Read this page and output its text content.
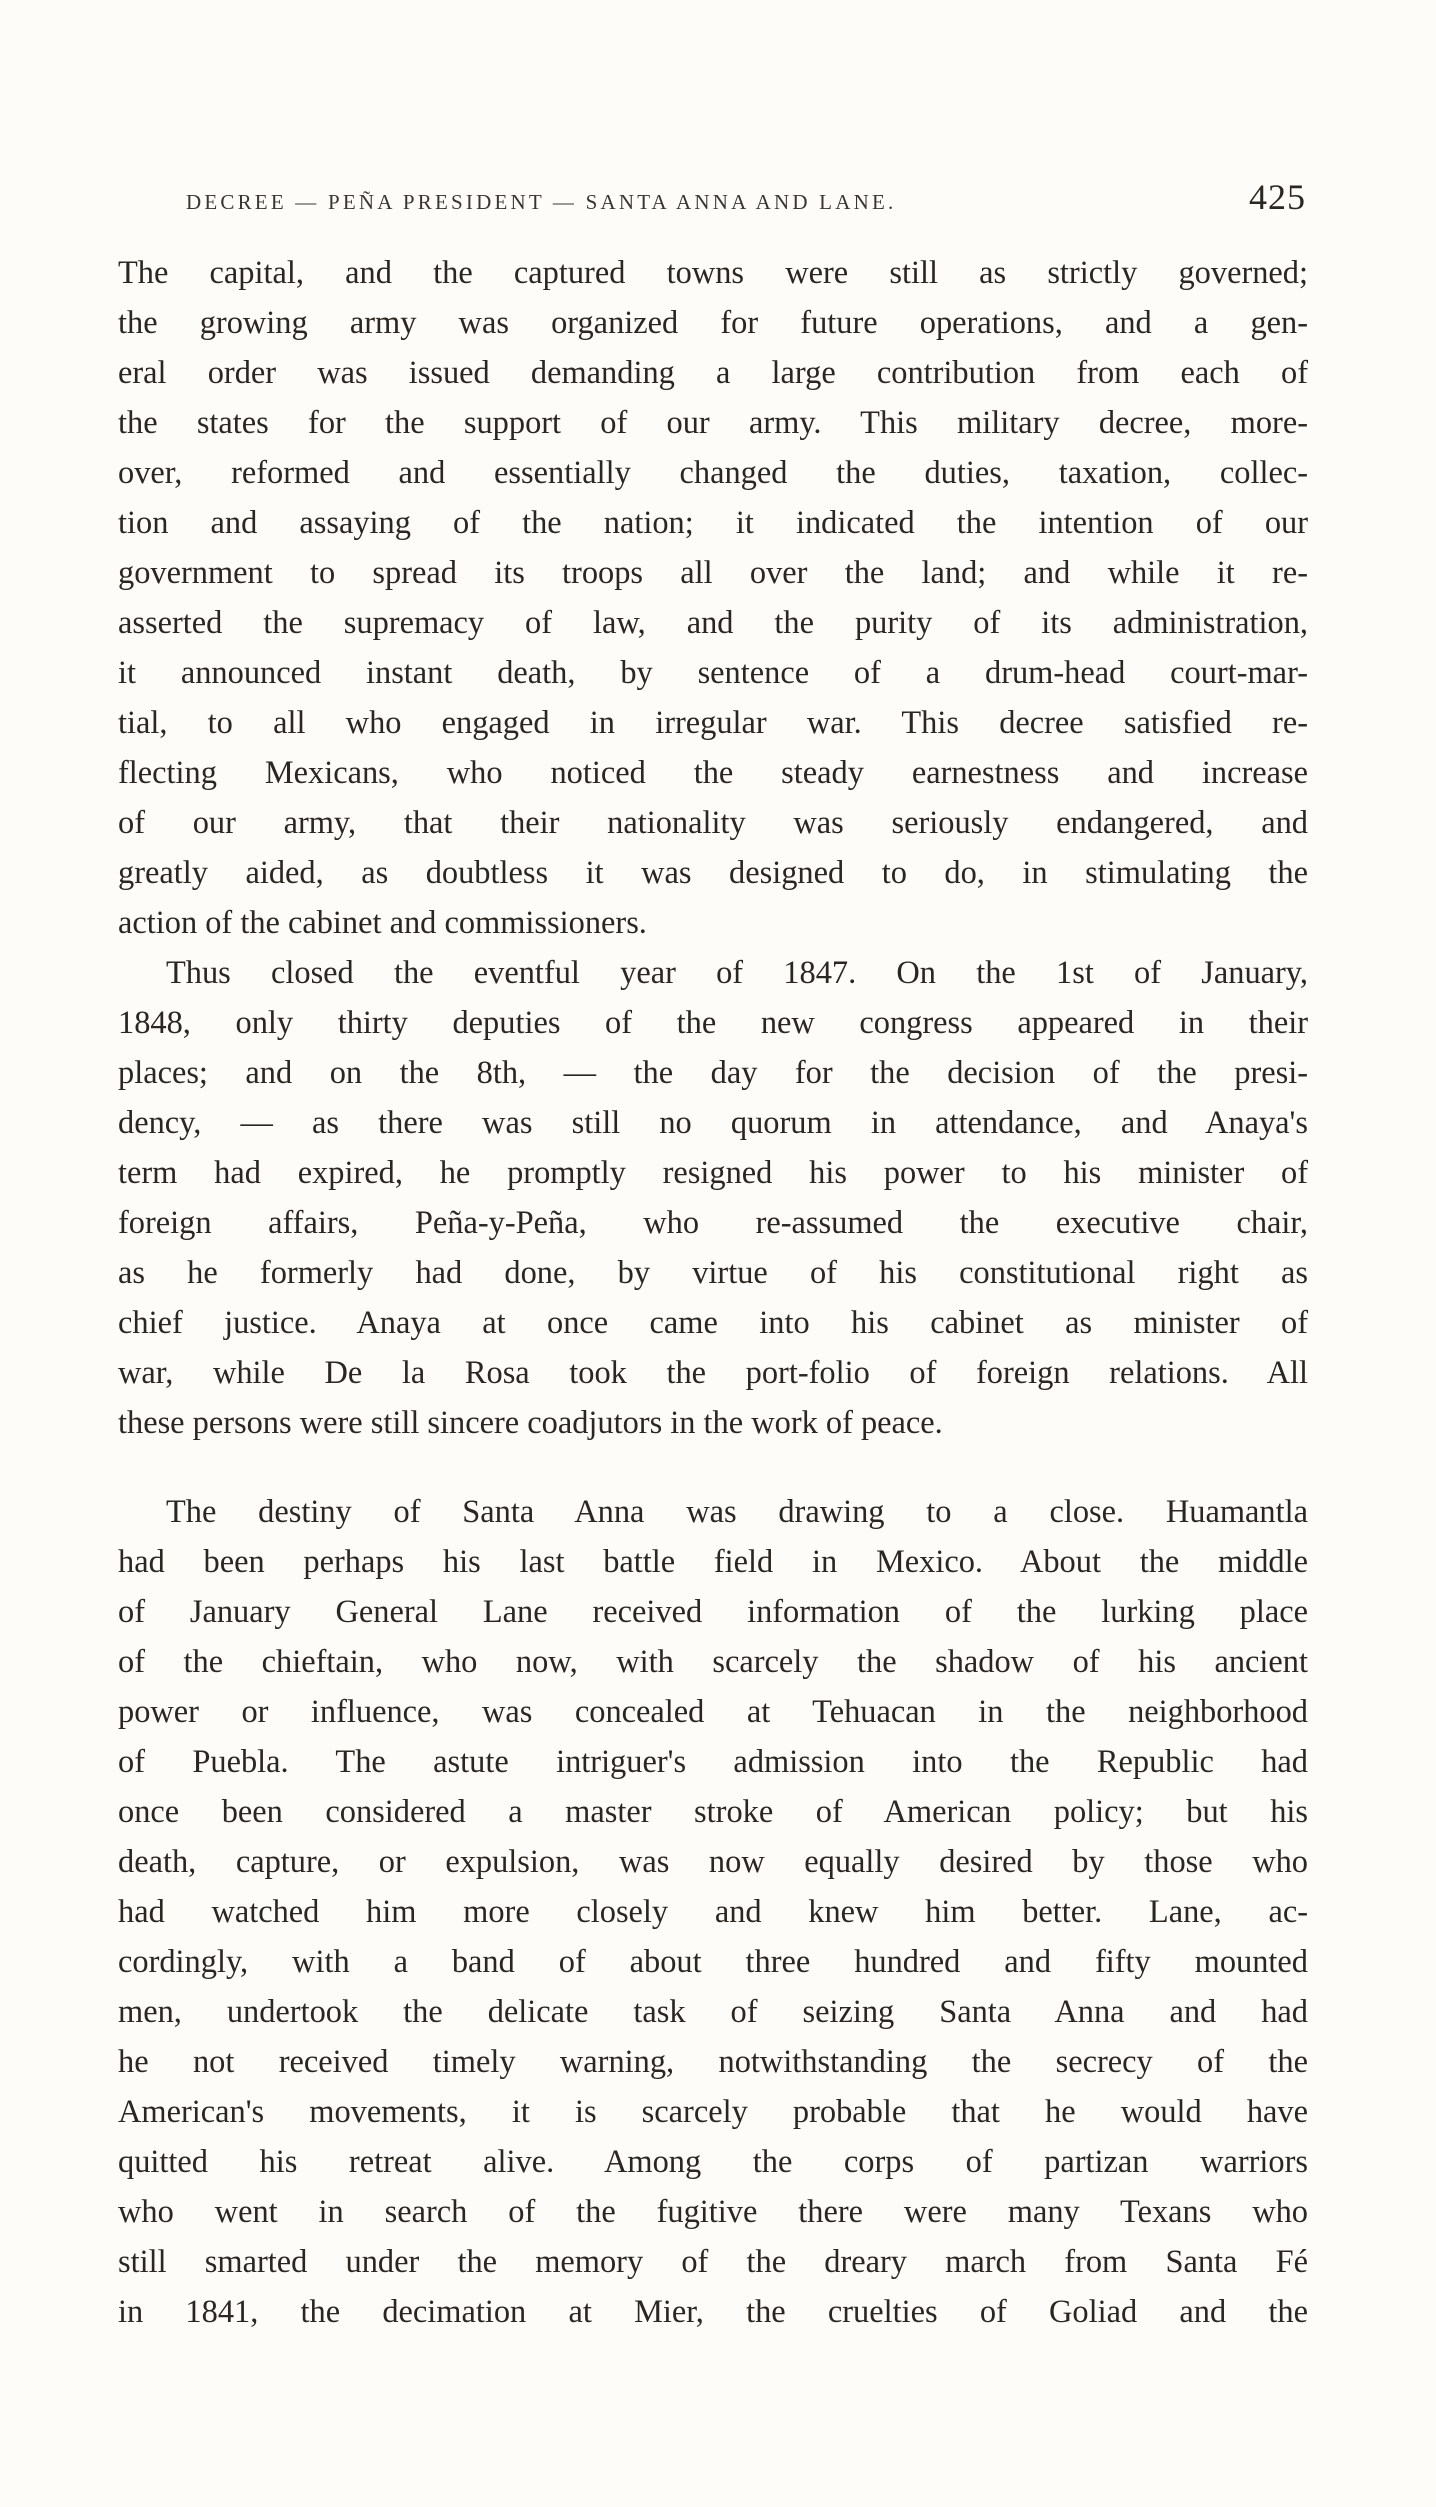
DECREE — PEÑA PRESIDENT — SANTA ANNA AND LANE.	425
The capital, and the captured towns were still as strictly governed;
the growing army was organized for future operations, and a gen-
eral order was issued demanding a large contribution from each of
the states for the support of our army. This military decree, more-
over, reformed and essentially changed the duties, taxation, collec-
tion and assaying of the nation; it indicated the intention of our
government to spread its troops all over the land; and while it re-
asserted the supremacy of law, and the purity of its administration,
it announced instant death, by sentence of a drum-head court-mar-
tial, to all who engaged in irregular war. This decree satisfied re-
flecting Mexicans, who noticed the steady earnestness and increase
of our army, that their nationality was seriously endangered, and
greatly aided, as doubtless it was designed to do, in stimulating the
action of the cabinet and commissioners.
Thus closed the eventful year of 1847. On the 1st of January,
1848, only thirty deputies of the new congress appeared in their
places; and on the 8th, — the day for the decision of the presi-
dency, — as there was still no quorum in attendance, and Anaya's
term had expired, he promptly resigned his power to his minister of
foreign affairs, Peña-y-Peña, who re-assumed the executive chair,
as he formerly had done, by virtue of his constitutional right as
chief justice. Anaya at once came into his cabinet as minister of
war, while De la Rosa took the port-folio of foreign relations. All
these persons were still sincere coadjutors in the work of peace.
The destiny of Santa Anna was drawing to a close. Huamantla
had been perhaps his last battle field in Mexico. About the middle
of January General Lane received information of the lurking place
of the chieftain, who now, with scarcely the shadow of his ancient
power or influence, was concealed at Tehuacan in the neighborhood
of Puebla. The astute intriguer's admission into the Republic had
once been considered a master stroke of American policy; but his
death, capture, or expulsion, was now equally desired by those who
had watched him more closely and knew him better. Lane, ac-
cordingly, with a band of about three hundred and fifty mounted
men, undertook the delicate task of seizing Santa Anna and had
he not received timely warning, notwithstanding the secrecy of the
American's movements, it is scarcely probable that he would have
quitted his retreat alive. Among the corps of partizan warriors
who went in search of the fugitive there were many Texans who
still smarted under the memory of the dreary march from Santa Fé
in 1841, the decimation at Mier, the cruelties of Goliad and the
